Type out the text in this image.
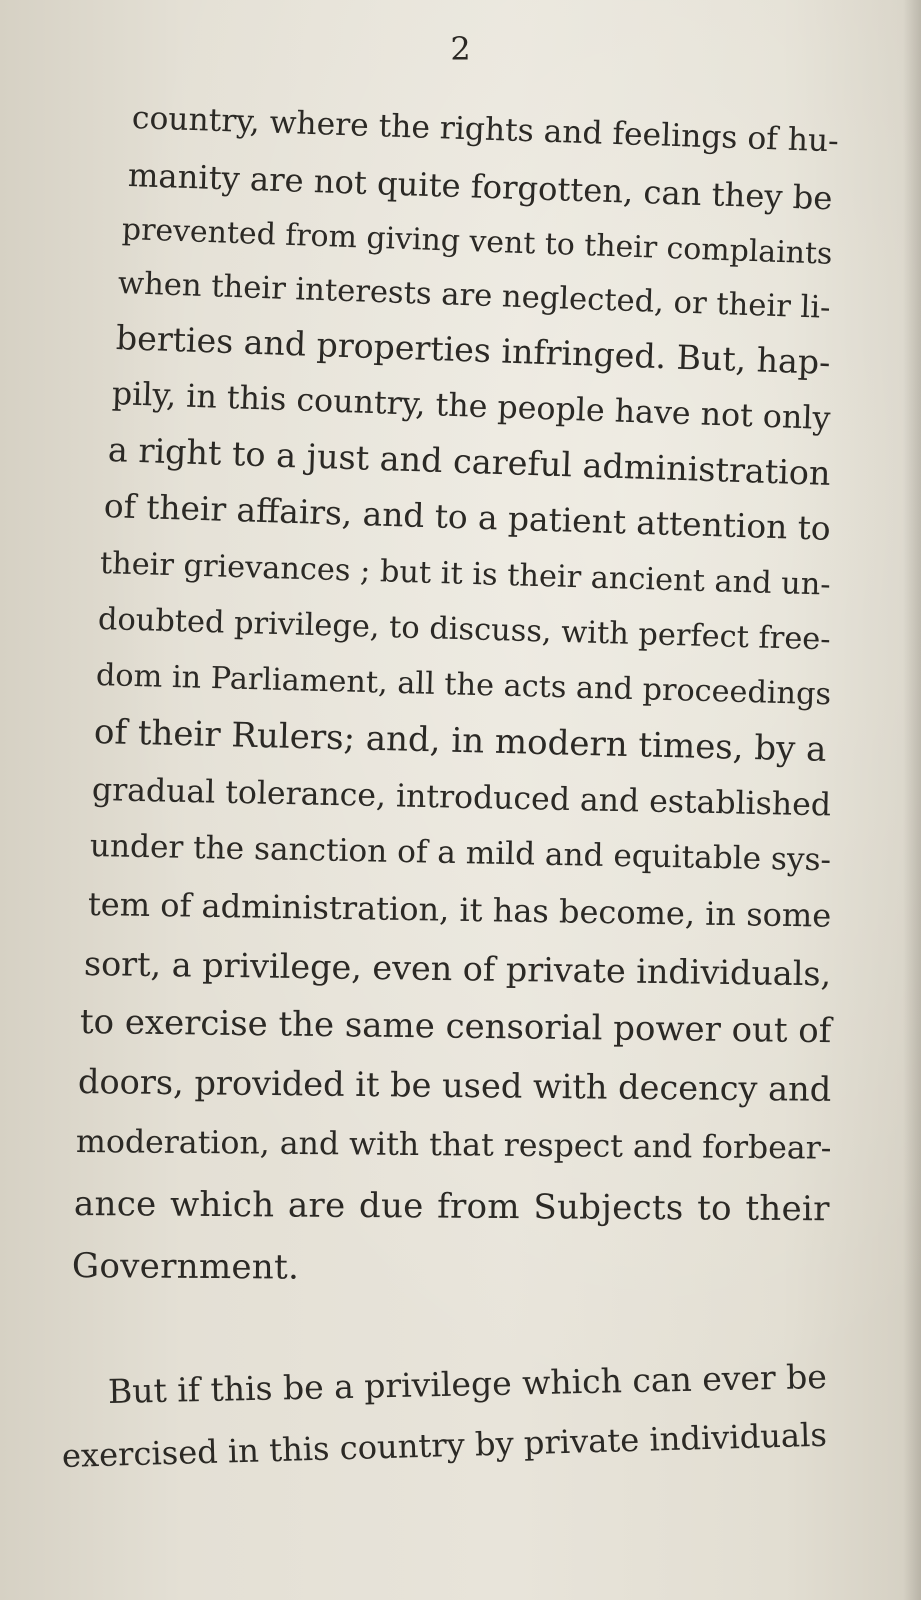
2
country, where the rights and feelings of hu-
manity are not quite forgotten, can they be
prevented from giving vent to their complaints
when their interests are neglected, or their li-
berties and properties infringed. But, hap-
pily, in this country, the people have not only
a right to a just and careful administration
of their affairs, and to a patient attention to
their grievances ; but it is their ancient and un-
doubted privilege, to discuss, with perfect free-
dom in Parliament, all the acts and proceedings
of their Rulers; and, in modern times, by a
gradual tolerance, introduced and established
under the sanction of a mild and equitable sys-
tem of administration, it has become, in some
sort, a privilege, even of private individuals,
to exercise the same censorial power out of
doors, provided it be used with decency and
moderation, and with that respect and forbear-
ance which are due from Subjects to their
Government.
But if this be a privilege which can ever be
exercised in this country by private individuals
